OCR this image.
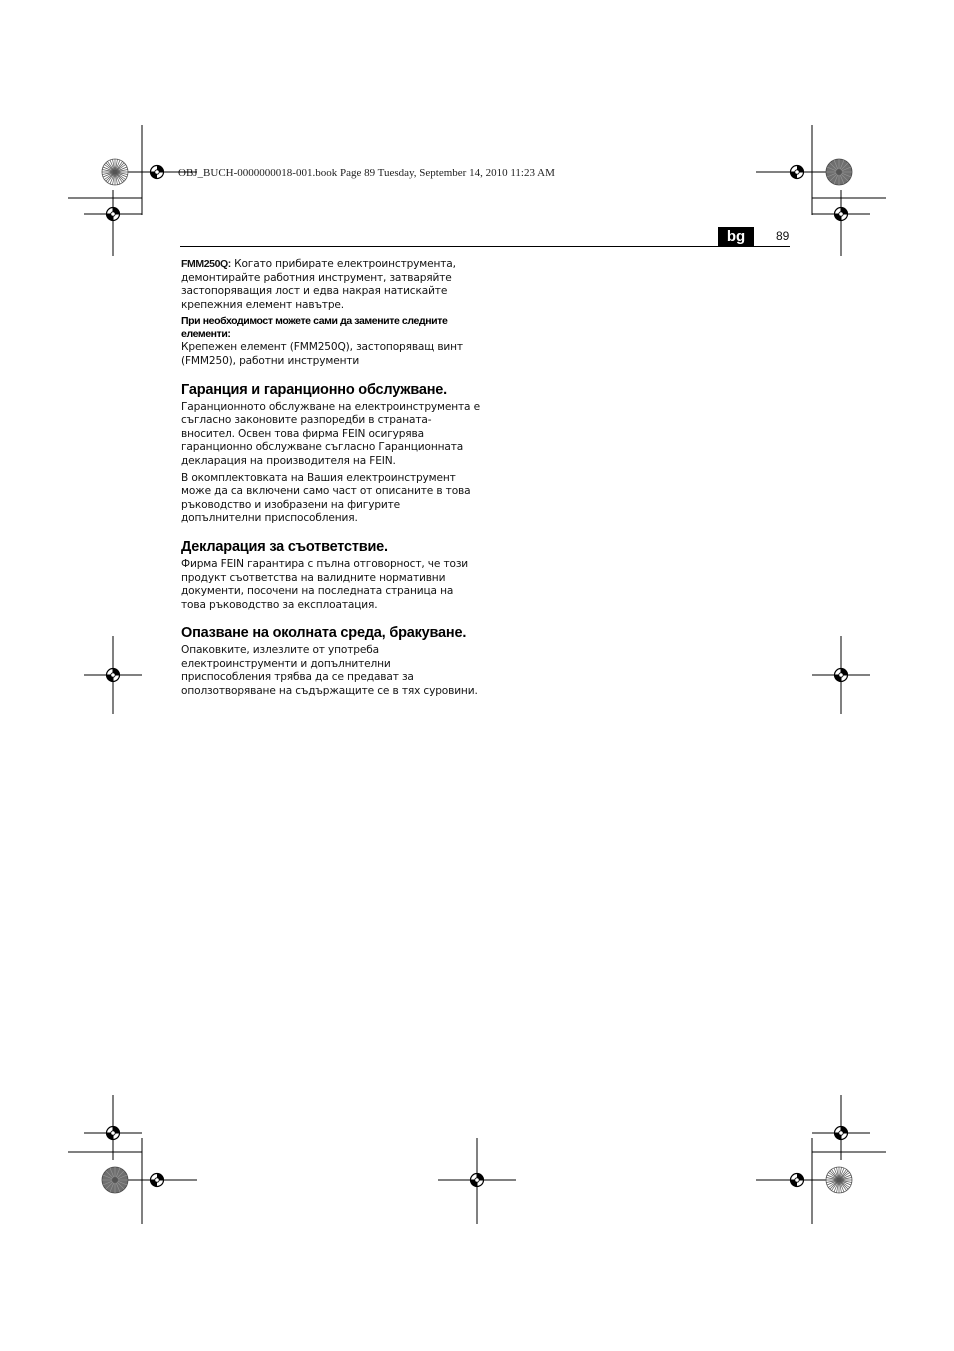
OBJ_BUCH-0000000018-001.book Page 89 Tuesday, September 14, 2010 11:23 AM
bg	89

FMM250Q: Когато прибирате електроинструмента, демонтирайте работния инструмент, затваряйте застопоряващия лост и едва накрая натискайте крепежния елемент навътре.

При необходимост можете сами да замените следните елементи:

Крепежен елемент (FMM250Q), застопоряващ винт (FMM250), работни инструменти

Гаранция и гаранционно обслужване.

Гаранционното обслужване на електроинструмента е съгласно законовите разпоредби в страната-вносител. Освен това фирма FEIN осигурява гаранционно обслужване съгласно Гаранционната декларация на производителя на FEIN.

В окомплектовката на Вашия електроинструмент може да са включени само част от описаните в това ръководство и изобразени на фигурите допълнителни приспособления.

Декларация за съответствие.

Фирма FEIN гарантира с пълна отговорност, че този продукт съответства на валидните нормативни документи, посочени на последната страница на това ръководство за експлоатация.

Опазване на околната среда, бракуване.

Опаковките, излезлите от употреба електроинструменти и допълнителни приспособления трябва да се предават за оползотворяване на съдържащите се в тях суровини.
